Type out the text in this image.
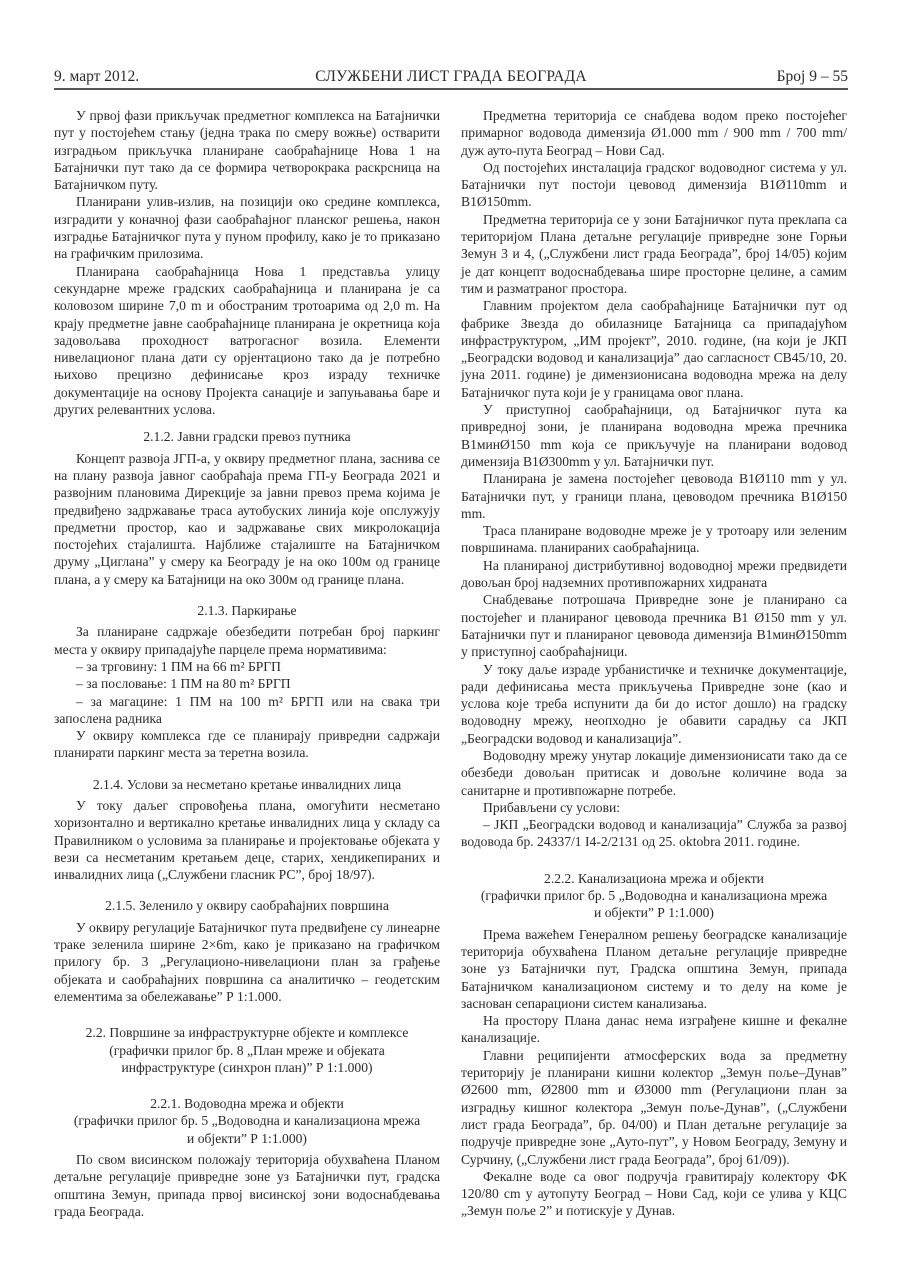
9. март 2012.	СЛУЖБЕНИ ЛИСТ ГРАДА БЕОГРАДА	Број 9 – 55

У првој фази прикључак предметног комплекса на Батајнички пут у постојећем стању (једна трака по смеру вожње) остварити изградњом прикључка планиране саобраћајнице Нова 1 на Батајнички пут тако да се формира четворокрака раскрсница на Батајничком путу.

Планирани улив-излив, на позицији око средине комплекса, изградити у коначној фази саобраћајног планског решења, након изградње Батајничког пута у пуном профилу, како је то приказано на графичким прилозима.

Планирана саобраћајница Нова 1 представља улицу секундарне мреже градских саобраћајница и планирана је са коловозом ширине 7,0 m и обостраним тротоарима од 2,0 m. На крају предметне јавне саобраћајнице планирана је окретница која задовољава проходност ватрогасног возила. Елементи нивелационог плана дати су орјентационо тако да је потребно њихово прецизно дефинисање кроз израду техничке документације на основу Пројекта санације и запуњавања баре и других релевантних услова.

2.1.2. Јавни градски превоз путника

Концепт развоја ЈГП-а, у оквиру предметног плана, заснива се на плану развоја јавног саобраћаја према ГП-у Београда 2021 и развојним плановима Дирекције за јавни превоз према којима је предвиђено задржавање траса аутобуских линија које опслужују предметни простор, као и задржавање свих микролокација постојећих стајалишта. Најближе стајалиште на Батајничком друму „Циглана” у смеру ка Београду је на око 100м од границе плана, а у смеру ка Батајници на око 300м од границе плана.

2.1.3. Паркирање

За планиране садржаје обезбедити потребан број паркинг места у оквиру припадајуће парцеле према нормативима:

– за трговину: 1 ПМ на 66 m² БРГП

– за пословање: 1 ПМ на 80 m² БРГП

– за магацине: 1 ПМ на 100 m² БРГП или на свака три запослена радника

У оквиру комплекса где се планирају привредни садржаји планирати паркинг места за теретна возила.

2.1.4. Услови за несметано кретање инвалидних лица

У току даљег спровођења плана, омогућити несметано хоризонтално и вертикално кретање инвалидних лица у складу са Правилником о условима за планирање и пројектовање објеката у вези са несметаним кретањем деце, старих, хендикепираних и инвалидних лица („Службени гласник РС”, број 18/97).

2.1.5. Зеленило у оквиру саобраћајних површина

У оквиру регулације Батајничког пута предвиђене су линеарне траке зеленила ширине 2×6m, како је приказано на графичком прилогу бр. 3 „Регулационо-нивелациони план за грађење објеката и саобраћајних површина са аналитичко – геодетским елементима за обележавање” Р 1:1.000.

2.2. Површине за инфраструктурне објекте и комплексе
(графички прилог бр. 8 „План мреже и објеката
инфраструктуре (синхрон план)” Р 1:1.000)
2.2.1. Водоводна мрежа и објекти
(графички прилог бр. 5 „Водоводна и канализациона мрежа
и објекти” Р 1:1.000)

По свом висинском положају територија обухваћена Планом детаљне регулације привредне зоне уз Батајнички пут, градска општина Земун, припада првој висинској зони водоснабдевања града Београда.

Предметна територија се снабдева водом преко постојећег примарног водовода димензија Ø1.000 mm / 900 mm / 700 mm/ дуж ауто-пута Београд – Нови Сад.

Од постојећих инсталација градског водоводног система у ул. Батајнички пут постоји цевовод димензија В1Ø110mm и В1Ø150mm.

Предметна територија се у зони Батајничког пута преклапа са територијом Плана детаљне регулације привредне зоне Горњи Земун 3 и 4, („Службени лист града Београда”, број 14/05) којим је дат концепт водоснабдевања шире просторне целине, а самим тим и разматраног простора.

Главним пројектом дела саобраћајнице Батајнички пут од фабрике Звезда до обилазнице Батајница са припадајућом инфраструктуром, „ИМ пројект”, 2010. године, (на који је ЈКП „Београдски водовод и канализација” дао сагласност СВ45/10, 20. јуна 2011. године) је димензионисана водоводна мрежа на делу Батајничког пута који је у границама овог плана.

У приступној саобраћајници, од Батајничког пута ка привредној зони, је планирана водоводна мрежа пречника В1минØ150 mm која се прикључује на планирани водовод димензија В1Ø300mm у ул. Батајнички пут.

Планирана је замена постојећег цевовода В1Ø110 mm у ул. Батајнички пут, у граници плана, цевоводом пречника В1Ø150 mm.

Траса планиране водоводне мреже је у тротоару или зеленим површинама. планираних саобраћајница.

На планираној дистрибутивној водоводној мрежи предвидети довољан број надземних противпожарних хидраната

Снабдевање потрошача Привредне зоне је планирано са постојећег и планираног цевовода пречника В1 Ø150 mm у ул. Батајнички пут и планираног цевовода димензија В1минØ150mm у приступној саобраћајници.

У току даље израде урбанистичке и техничке документације, ради дефинисања места прикључења Привредне зоне (као и услова које треба испунити да би до истог дошло) на градску водоводну мрежу, неопходно је обавити сарадњу са ЈКП „Београдски водовод и канализација”.

Водоводну мрежу унутар локације димензионисати тако да се обезбеди довољан притисак и довољне количине вода за санитарне и противпожарне потребе.

Прибављени су услови:

– ЈКП „Београдски водовод и канализација” Служба за развој водовода бр. 24337/1 I4-2/2131 од 25. oktobra 2011. године.

2.2.2. Канализациона мрежа и објекти
(графички прилог бр. 5 „Водоводна и канализациона мрежа
и објекти” Р 1:1.000)

Према важећем Генералном решењу београдске канализације територија обухваћена Планом детаљне регулације привредне зоне уз Батајнички пут, Градска општина Земун, припада Батајничком канализационом систему и то делу на коме је заснован сепарациони систем канализања.

На простору Плана данас нема изграђене кишне и фекалне канализације.

Главни реципијенти атмосферских вода за предметну територију је планирани кишни колектор „Земун поље–Дунав” Ø2600 mm, Ø2800 mm и Ø3000 mm (Регулациони план за изградњу кишног колектора „Земун поље-Дунав”, („Службени лист града Београда”, бр. 04/00) и План детаљне регулације за подручје привредне зоне „Ауто-пут”, у Новом Београду, Земуну и Сурчину, („Службени лист града Београда”, број 61/09)).

Фекалне воде са овог подручја гравитирају колектору ФК 120/80 cm у аутопуту Београд – Нови Сад, који се улива у КЦС „Земун поље 2” и потискује у Дунав.
